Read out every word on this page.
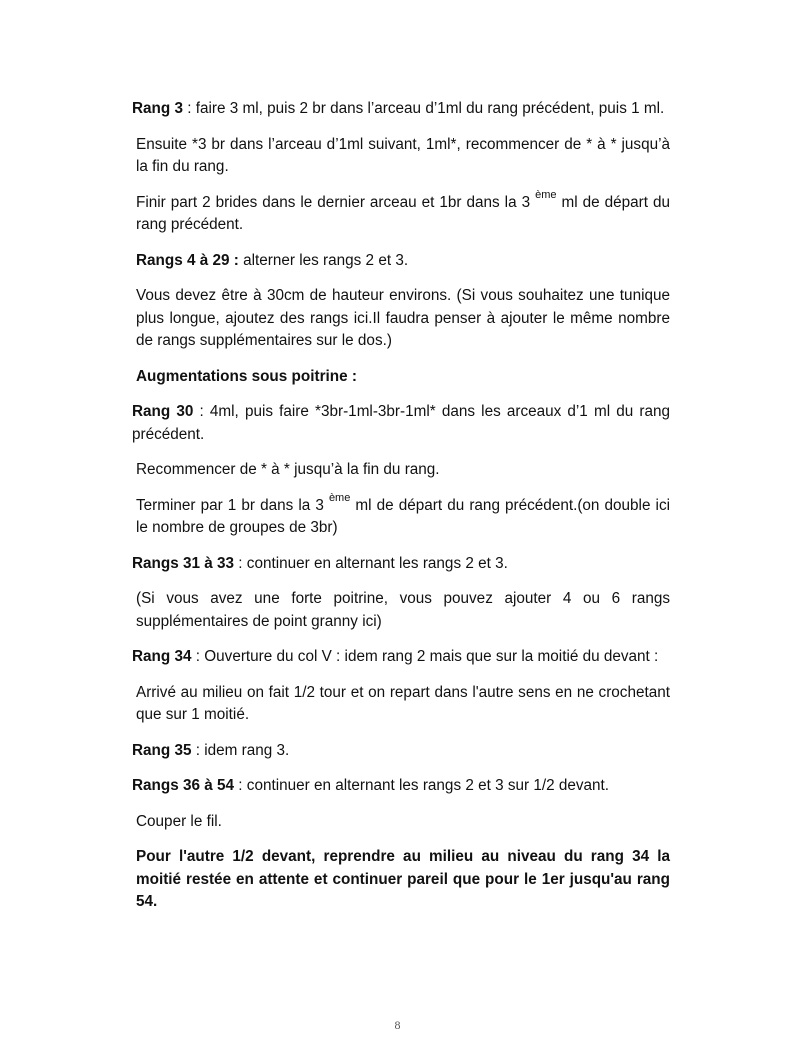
Rang 3 : faire 3 ml, puis 2 br dans l’arceau d’1ml du rang précédent, puis 1 ml.

Ensuite *3 br dans l’arceau d’1ml suivant, 1ml*, recommencer de * à * jusqu’à la fin du rang.

Finir part 2 brides dans le dernier arceau et 1br dans la 3 $^{ème}$ ml de départ du rang précédent.

Rangs 4 à 29 : alterner les rangs 2 et 3.

Vous devez être à 30cm de hauteur environs. (Si vous souhaitez une tunique plus longue, ajoutez des rangs ici.Il faudra penser à ajouter le même nombre de rangs supplémentaires sur le dos.)

Augmentations sous poitrine :

Rang 30 : 4ml, puis faire *3br-1ml-3br-1ml* dans les arceaux d’1 ml du rang précédent.

Recommencer de * à * jusqu’à la fin du rang.

Terminer par 1 br dans la 3 $^{ème}$ ml de départ du rang précédent.(on double ici le nombre de groupes de 3br)

Rangs 31 à 33 : continuer en alternant les rangs 2 et 3.

(Si vous avez une forte poitrine, vous pouvez ajouter 4 ou 6 rangs supplémentaires de point granny ici)

Rang 34 : Ouverture du col V : idem rang 2 mais que sur la moitié du devant :

Arrivé au milieu on fait 1/2 tour et on repart dans l'autre sens en ne crochetant que sur 1 moitié.

Rang 35 : idem rang 3.

Rangs 36 à 54 : continuer en alternant les rangs 2 et 3 sur 1/2 devant.

Couper le fil.

Pour l'autre 1/2 devant, reprendre au milieu au niveau du rang 34 la moitié restée en attente et continuer pareil que pour le 1er jusqu'au rang 54.

8
